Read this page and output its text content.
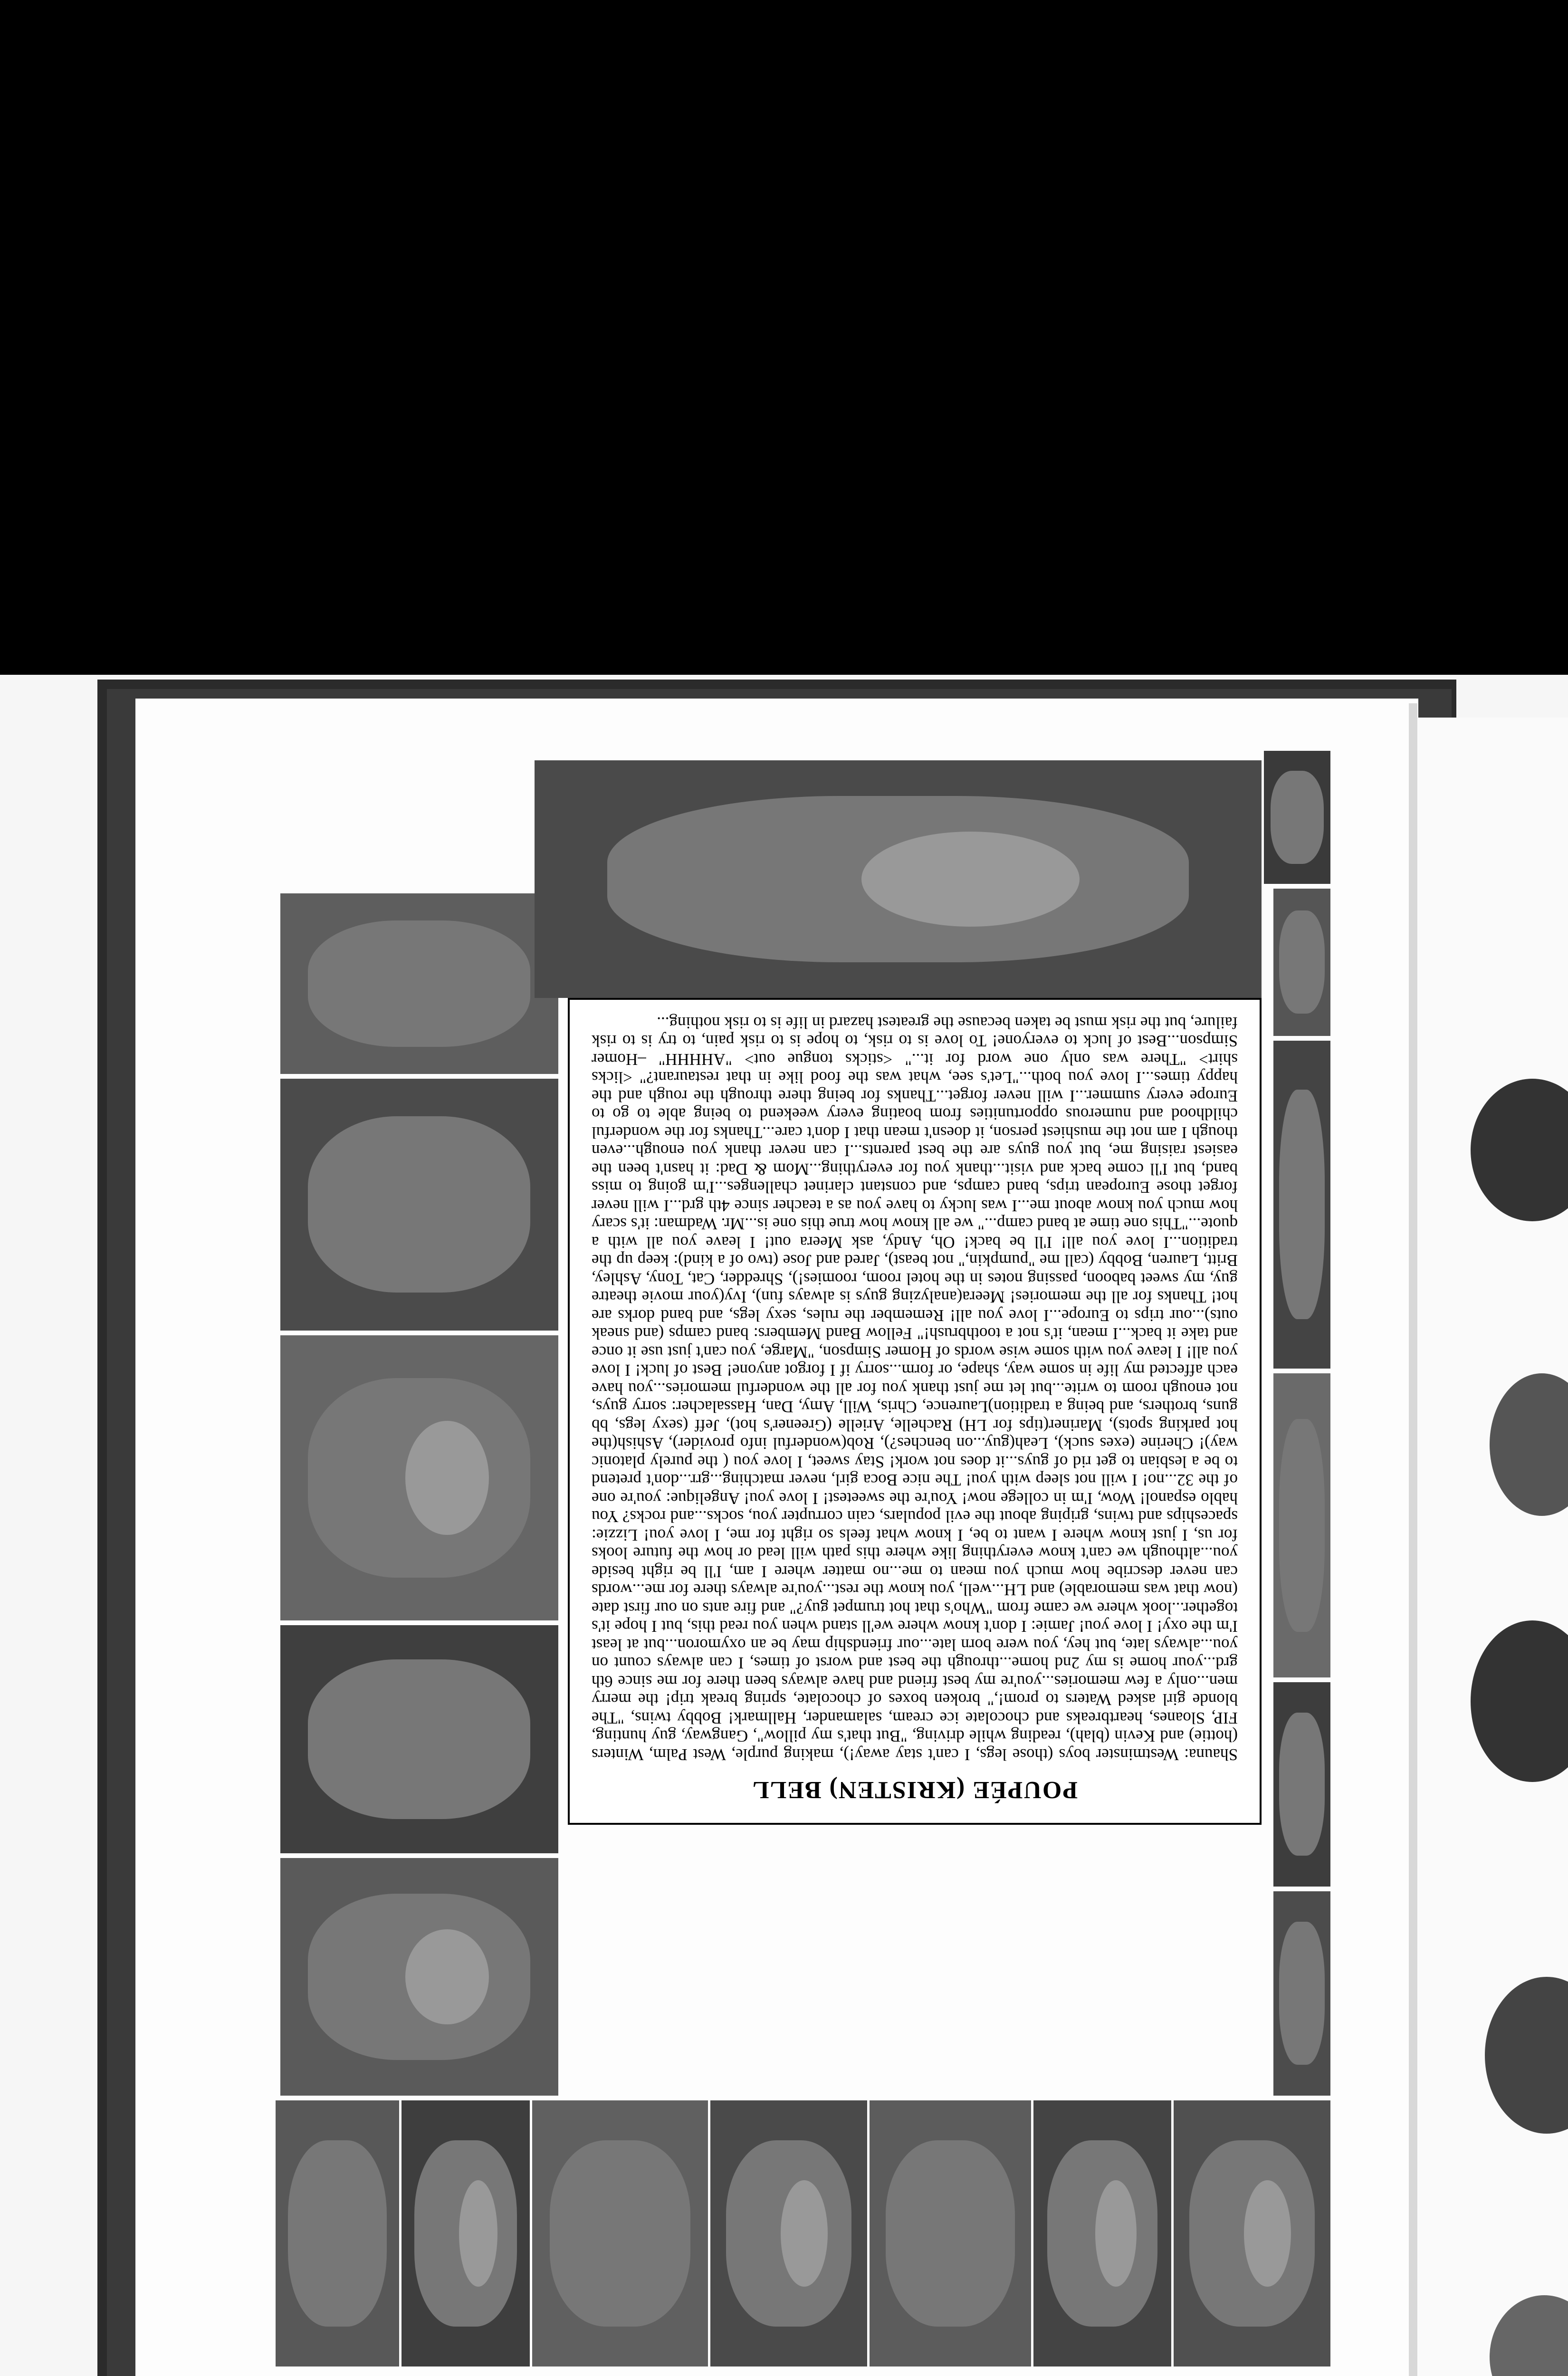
POUPÉE (KRISTEN) BELL

Shauna: Westminster boys (those legs, I can't stay away!), making purple, West Palm, Winters (hottie) and Kevin (blah), reading while driving, "But that's my pillow", Gangway, guy hunting, FIP, Sloanes, heartbreaks and chocolate ice cream, salamander, Hallmark! Bobby twins, "The blonde girl asked Waters to prom!," broken boxes of chocolate, spring break trip! the merry men...only a few memories...you're my best friend and have always been there for me since 6th grd...your home is my 2nd home...through the best and worst of times, I can always count on you...always late, but hey, you were born late...our friendship may be an oxymoron...but at least I'm the oxy! I love you! Jamie: I don't know where we'll stand when you read this, but I hope it's together...look where we came from "Who's that hot trumpet guy?" and fire ants on our first date (now that was memorable) and LH...well, you know the rest...you're always there for me...words can never describe how much you mean to me...no matter where I am, I'll be right beside you...although we can't know everything like where this path will lead or how the future looks for us, I just know where I want to be, I know what feels so right for me, I love you! Lizzie: spaceships and twins, griping about the evil populars, cain corrupter you, socks...and rocks? You hablo espanol! Wow, I'm in college now! You're the sweetest! I love you! Angelique: you're one of the 32...no! I will not sleep with you! The nice Boca girl, never matching...grr...don't pretend to be a lesbian to get rid of guys...it does not work! Stay sweet, I love you ( the purely platonic way)! Cherine (exes suck), Leah(guy...on benches?), Rob(wonderful info provider), Ashish(the hot parking spots), Mariner(tips for LH) Rachelle, Arielle (Greener's hot), Jeff (sexy legs, bb guns, brothers, and being a tradition)Laurence, Chris, Will, Amy, Dan, Hassalacher: sorry guys, not enough room to write...but let me just thank you for all the wonderful memories...you have each affected my life in some way, shape, or form...sorry if I forgot anyone! Best of luck! I love you all! I leave you with some wise words of Homer Simpson, "Marge, you can't just use it once and take it back...I mean, it's not a toothbrush!" Fellow Band Members: band camps (and sneak outs)...our trips to Europe...I love you all! Remember the rules, sexy legs, and band dorks are hot! Thanks for all the memories! Meera(analyzing guys is always fun), Ivy(your movie theatre guy, my sweet baboon, passing notes in the hotel room, roomies!), Shredder, Cat, Tony, Ashley, Britt, Lauren, Bobby (call me "pumpkin," not beast), Jared and Jose (two of a kind): keep up the tradition...I love you all! I'll be back! Oh, Andy, ask Meera out! I leave you all with a quote..."This one time at band camp..." we all know how true this one is...Mr. Wadman: it's scary how much you know about me...I was lucky to have you as a teacher since 4th grd...I will never forget those European trips, band camps, and constant clarinet challenges...I'm going to miss band, but I'll come back and visit...thank you for everything...Mom & Dad: it hasn't been the easiest raising me, but you guys are the best parents...I can never thank you enough...even though I am not the mushiest person, it doesn't mean that I don't care...Thanks for the wonderful childhood and numerous opportunities from boating every weekend to being able to go to Europe every summer...I will never forget...Thanks for being there through the rough and the happy times...I love you both..."Let's see, what was the food like in that restaurant?" <licks shirt> "There was only one word for it..." <sticks tongue out> "AHHHH" –Homer Simpson...Best of luck to everyone! To love is to risk, to hope is to risk pain, to try is to risk failure, but the risk must be taken because the greatest hazard in life is to risk nothing...
